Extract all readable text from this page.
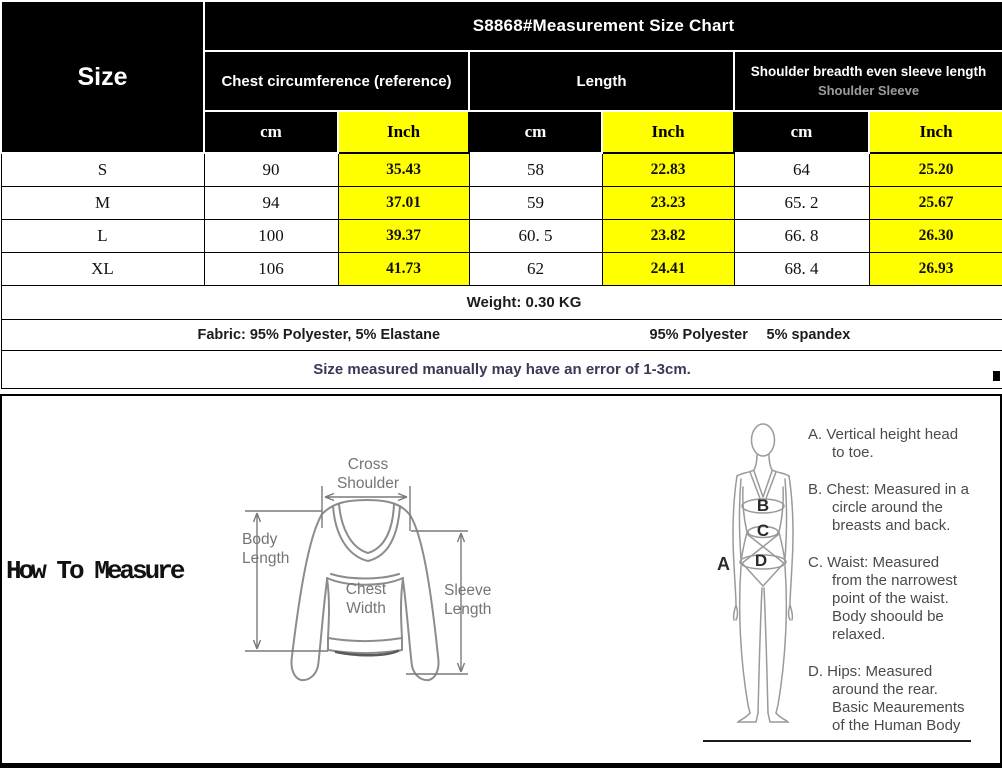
Size	S8868#Measurement Size Chart					
	Chest circumference (reference)		Length		Shoulder breadth even sleeve length
Shoulder Sleeve	

	cm	Inch	cm	Inch	cm	Inch
S	90	35.43	58	22.83	64	25.20
M	94	37.01	59	23.23	65. 2	25.67
L	100	39.37	60. 5	23.82	66. 8	26.30
XL	106	41.73	62	24.41	68. 4	26.93
Weight: 0.30 KG						

Fabric: 95% Polyester, 5% Elastane 95% Polyester 5% spandex						

Size measured manually may have an error of 1-3cm.						
How To Measure
Cross
Shoulder
Body
Length
Chest
Width
Sleeve
Length
A
B
C
D
A. Vertical height head
to toe.
B. Chest: Measured in a
circle around the
breasts and back.
C. Waist: Measured
from the narrowest
point of the waist.
Body shoould be
relaxed.
D. Hips: Measured
around the rear.
Basic Meaurements
of the Human Body
